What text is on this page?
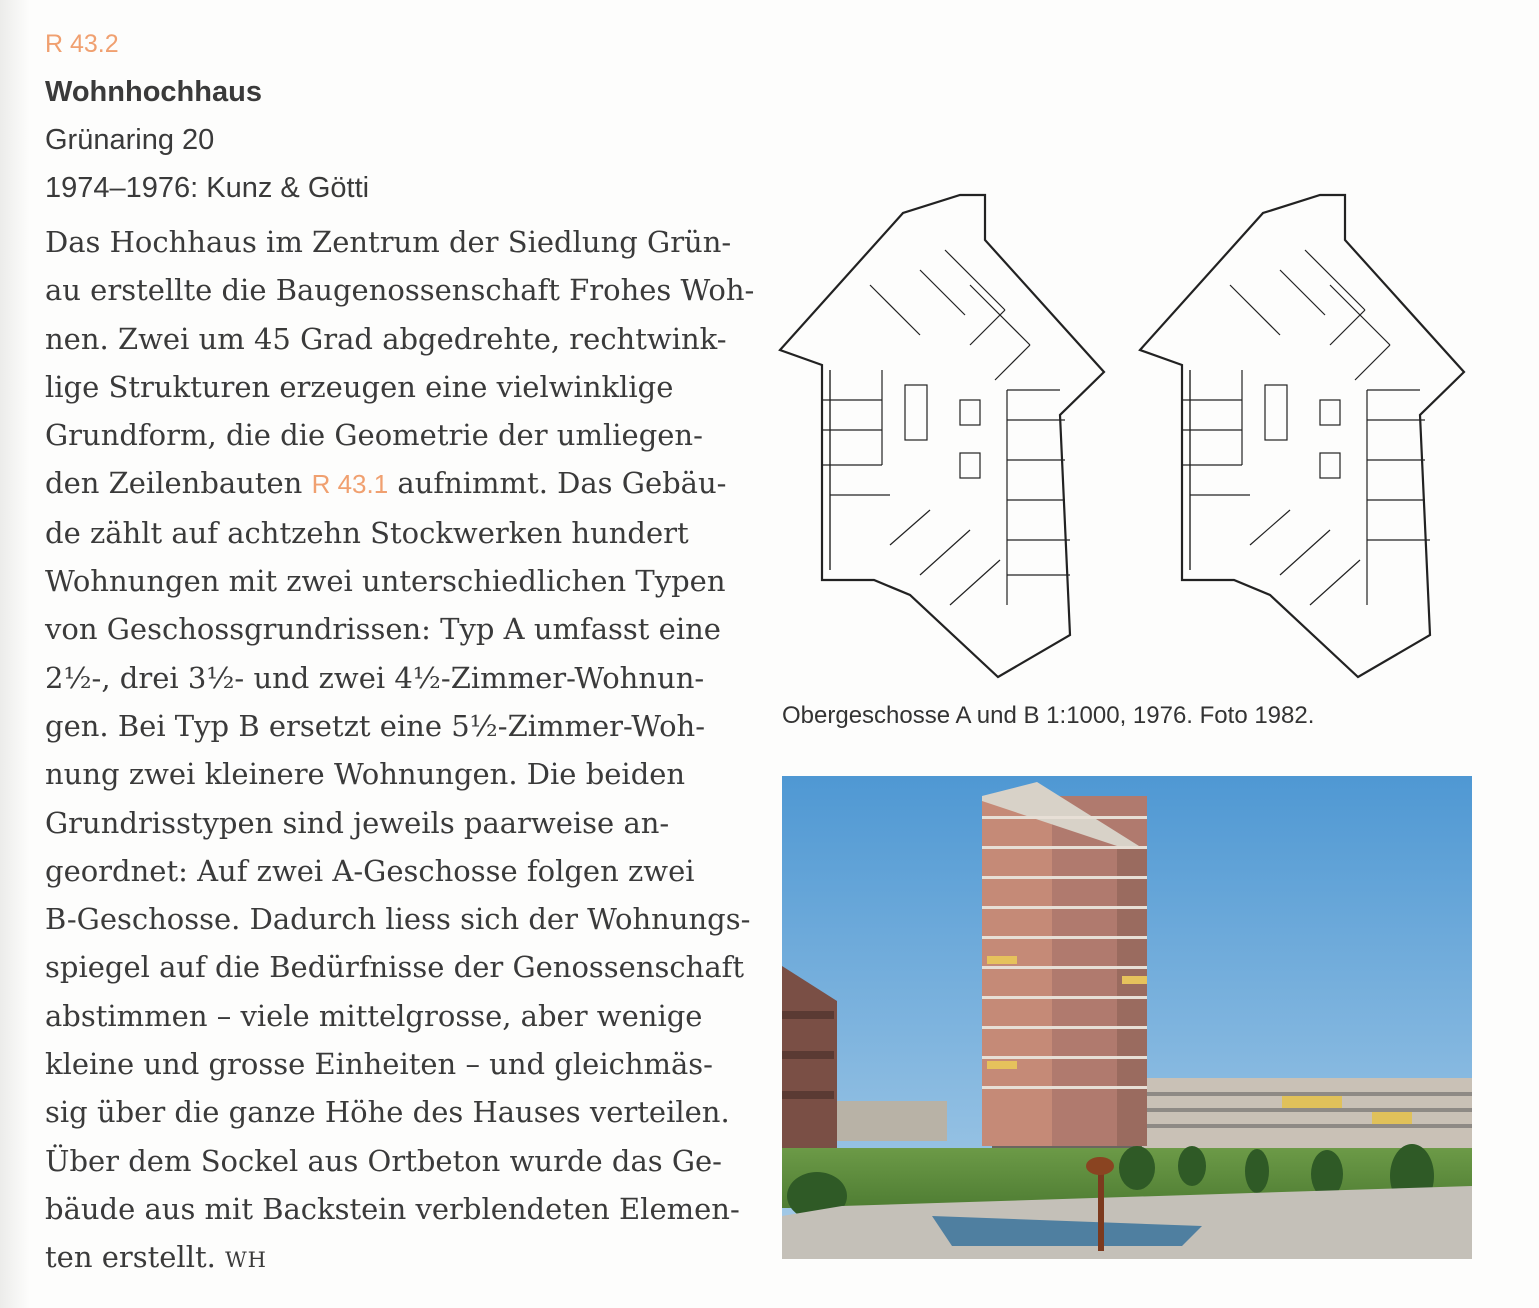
R 43.2
Wohnhochhaus
Grünaring 20
1974–1976: Kunz & Götti
Das Hochhaus im Zentrum der Siedlung Grün-
au erstellte die Baugenossenschaft Frohes Woh-
nen. Zwei um 45 Grad abgedrehte, rechtwink-
lige Strukturen erzeugen eine vielwinklige
Grundform, die die Geometrie der umliegen-
den Zeilenbauten R 43.1 aufnimmt. Das Gebäu-
de zählt auf achtzehn Stockwerken hundert
Wohnungen mit zwei unterschiedlichen Typen
von Geschossgrundrissen: Typ A umfasst eine
2½-, drei 3½- und zwei 4½-Zimmer-Wohnun-
gen. Bei Typ B ersetzt eine 5½-Zimmer-Woh-
nung zwei kleinere Wohnungen. Die beiden
Grundrisstypen sind jeweils paarweise an-
geordnet: Auf zwei A-Geschosse folgen zwei
B-Geschosse. Dadurch liess sich der Wohnungs-
spiegel auf die Bedürfnisse der Genossenschaft
abstimmen – viele mittelgrosse, aber wenige
kleine und grosse Einheiten – und gleichmäs-
sig über die ganze Höhe des Hauses verteilen.
Über dem Sockel aus Ortbeton wurde das Ge-
bäude aus mit Backstein verblendeten Elemen-
ten erstellt. WH
Obergeschosse A und B 1:1000, 1976. Foto 1982.
